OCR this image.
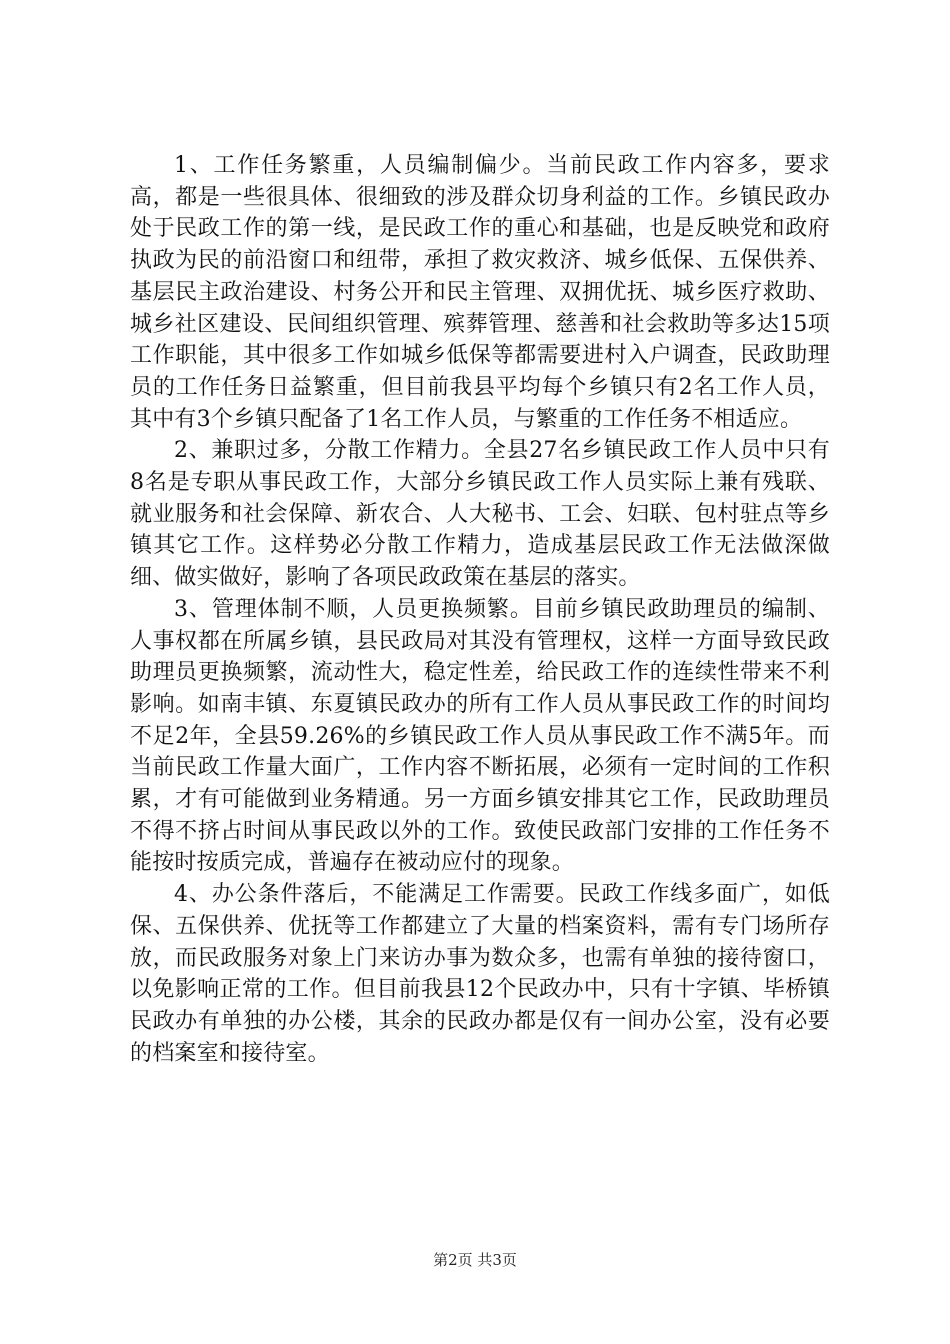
1、工作任务繁重，人员编制偏少。当前民政工作内容多，要求高，都是一些很具体、很细致的涉及群众切身利益的工作。乡镇民政办处于民政工作的第一线，是民政工作的重心和基础，也是反映党和政府执政为民的前沿窗口和纽带，承担了救灾救济、城乡低保、五保供养、基层民主政治建设、村务公开和民主管理、双拥优抚、城乡医疗救助、城乡社区建设、民间组织管理、殡葬管理、慈善和社会救助等多达15项工作职能，其中很多工作如城乡低保等都需要进村入户调查，民政助理员的工作任务日益繁重，但目前我县平均每个乡镇只有2名工作人员，其中有3个乡镇只配备了1名工作人员，与繁重的工作任务不相适应。

2、兼职过多，分散工作精力。全县27名乡镇民政工作人员中只有8名是专职从事民政工作，大部分乡镇民政工作人员实际上兼有残联、就业服务和社会保障、新农合、人大秘书、工会、妇联、包村驻点等乡镇其它工作。这样势必分散工作精力，造成基层民政工作无法做深做细、做实做好，影响了各项民政政策在基层的落实。

3、管理体制不顺，人员更换频繁。目前乡镇民政助理员的编制、人事权都在所属乡镇，县民政局对其没有管理权，这样一方面导致民政助理员更换频繁，流动性大，稳定性差，给民政工作的连续性带来不利影响。如南丰镇、东夏镇民政办的所有工作人员从事民政工作的时间均不足2年，全县59.26%的乡镇民政工作人员从事民政工作不满5年。而当前民政工作量大面广，工作内容不断拓展，必须有一定时间的工作积累，才有可能做到业务精通。另一方面乡镇安排其它工作，民政助理员不得不挤占时间从事民政以外的工作。致使民政部门安排的工作任务不能按时按质完成，普遍存在被动应付的现象。

4、办公条件落后，不能满足工作需要。民政工作线多面广，如低保、五保供养、优抚等工作都建立了大量的档案资料，需有专门场所存放，而民政服务对象上门来访办事为数众多，也需有单独的接待窗口，以免影响正常的工作。但目前我县12个民政办中，只有十字镇、毕桥镇民政办有单独的办公楼，其余的民政办都是仅有一间办公室，没有必要的档案室和接待室。

第2页 共3页
